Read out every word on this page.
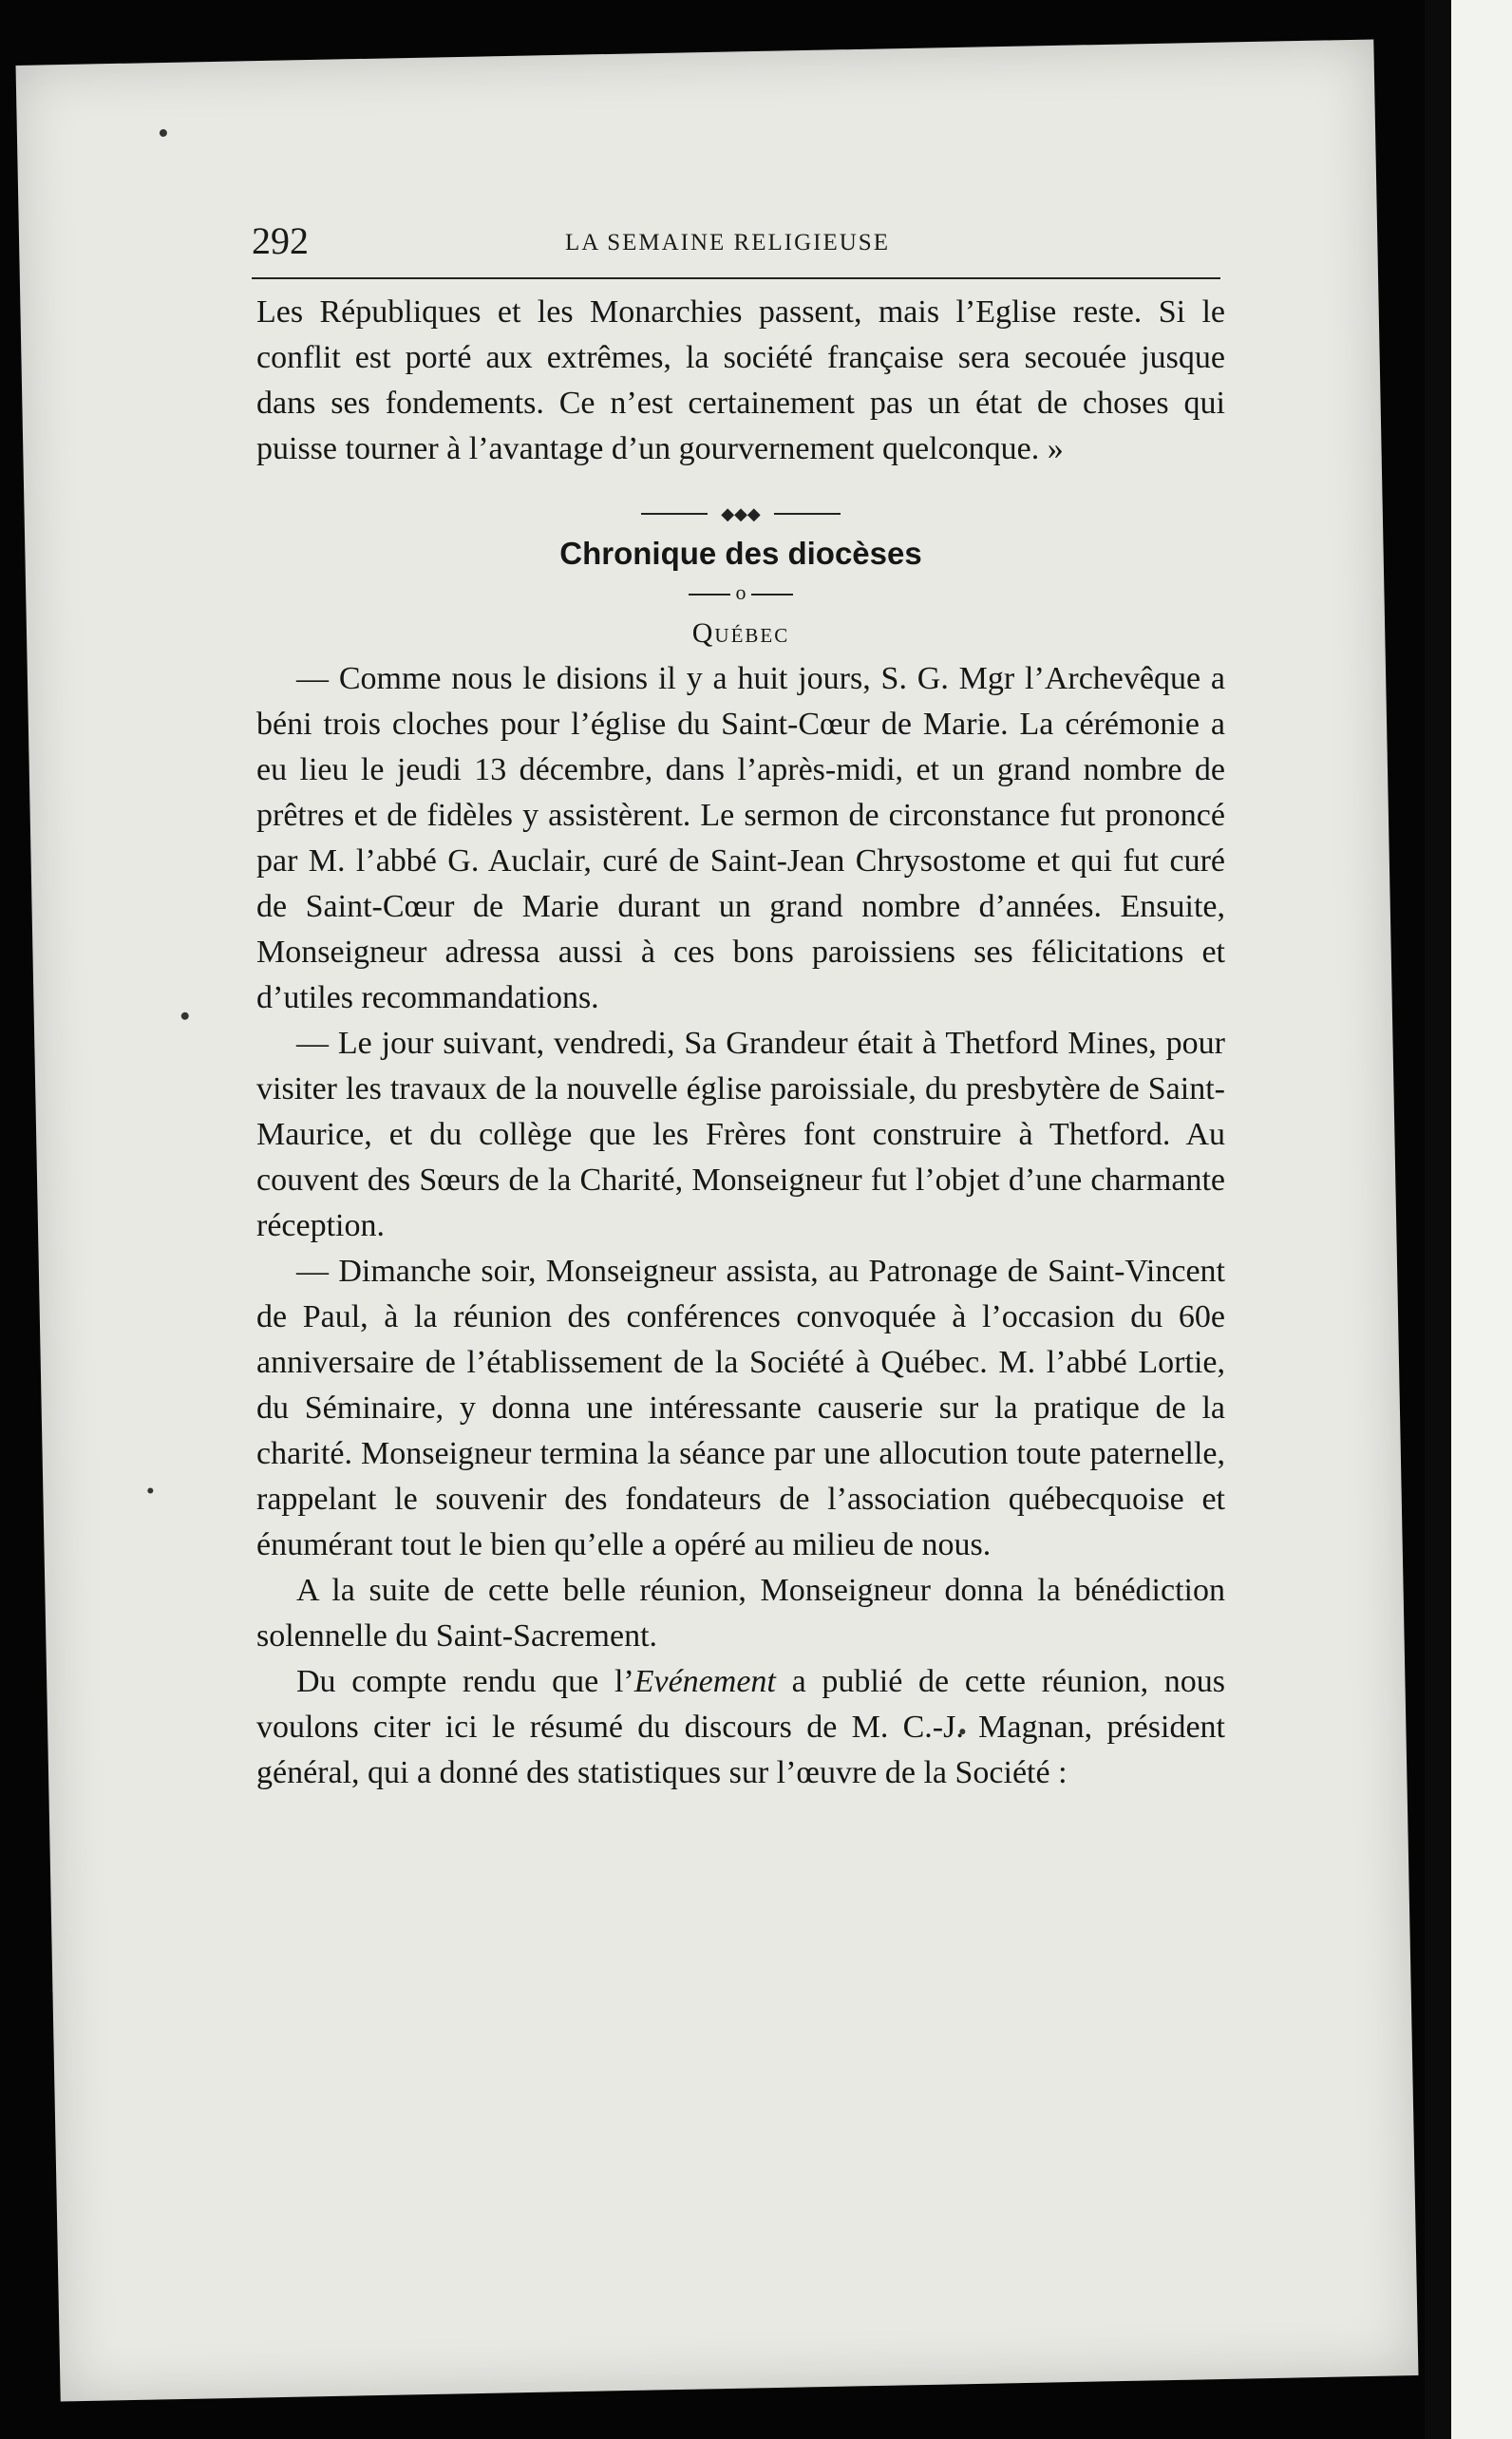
292	LA SEMAINE RELIGIEUSE

Les Républiques et les Monarchies passent, mais l’Eglise reste. Si le conflit est porté aux extrêmes, la société française sera secouée jusque dans ses fondements. Ce n’est certainement pas un état de choses qui puisse tourner à l’avantage d’un gourvernement quelconque. »

◆◆◆

Chronique des diocèses

o

Québec

— Comme nous le disions il y a huit jours, S. G. Mgr l’Archevêque a béni trois cloches pour l’église du Saint-Cœur de Marie. La cérémonie a eu lieu le jeudi 13 décembre, dans l’après-midi, et un grand nombre de prêtres et de fidèles y assistèrent. Le sermon de circonstance fut prononcé par M. l’abbé G. Auclair, curé de Saint-Jean Chrysostome et qui fut curé de Saint-Cœur de Marie durant un grand nombre d’années. Ensuite, Monseigneur adressa aussi à ces bons paroissiens ses félicitations et d’utiles recommandations.

— Le jour suivant, vendredi, Sa Grandeur était à Thetford Mines, pour visiter les travaux de la nouvelle église paroissiale, du presbytère de Saint-Maurice, et du collège que les Frères font construire à Thetford. Au couvent des Sœurs de la Charité, Monseigneur fut l’objet d’une charmante réception.

— Dimanche soir, Monseigneur assista, au Patronage de Saint-Vincent de Paul, à la réunion des conférences convoquée à l’occasion du 60e anniversaire de l’établissement de la Société à Québec. M. l’abbé Lortie, du Séminaire, y donna une intéressante causerie sur la pratique de la charité. Monseigneur termina la séance par une allocution toute paternelle, rappelant le souvenir des fondateurs de l’association québecquoise et énumérant tout le bien qu’elle a opéré au milieu de nous.

A la suite de cette belle réunion, Monseigneur donna la bénédiction solennelle du Saint-Sacrement.

Du compte rendu que l’Evénement a publié de cette réunion, nous voulons citer ici le résumé du discours de M. C.-J. Magnan, président général, qui a donné des statistiques sur l’œuvre de la Société :
